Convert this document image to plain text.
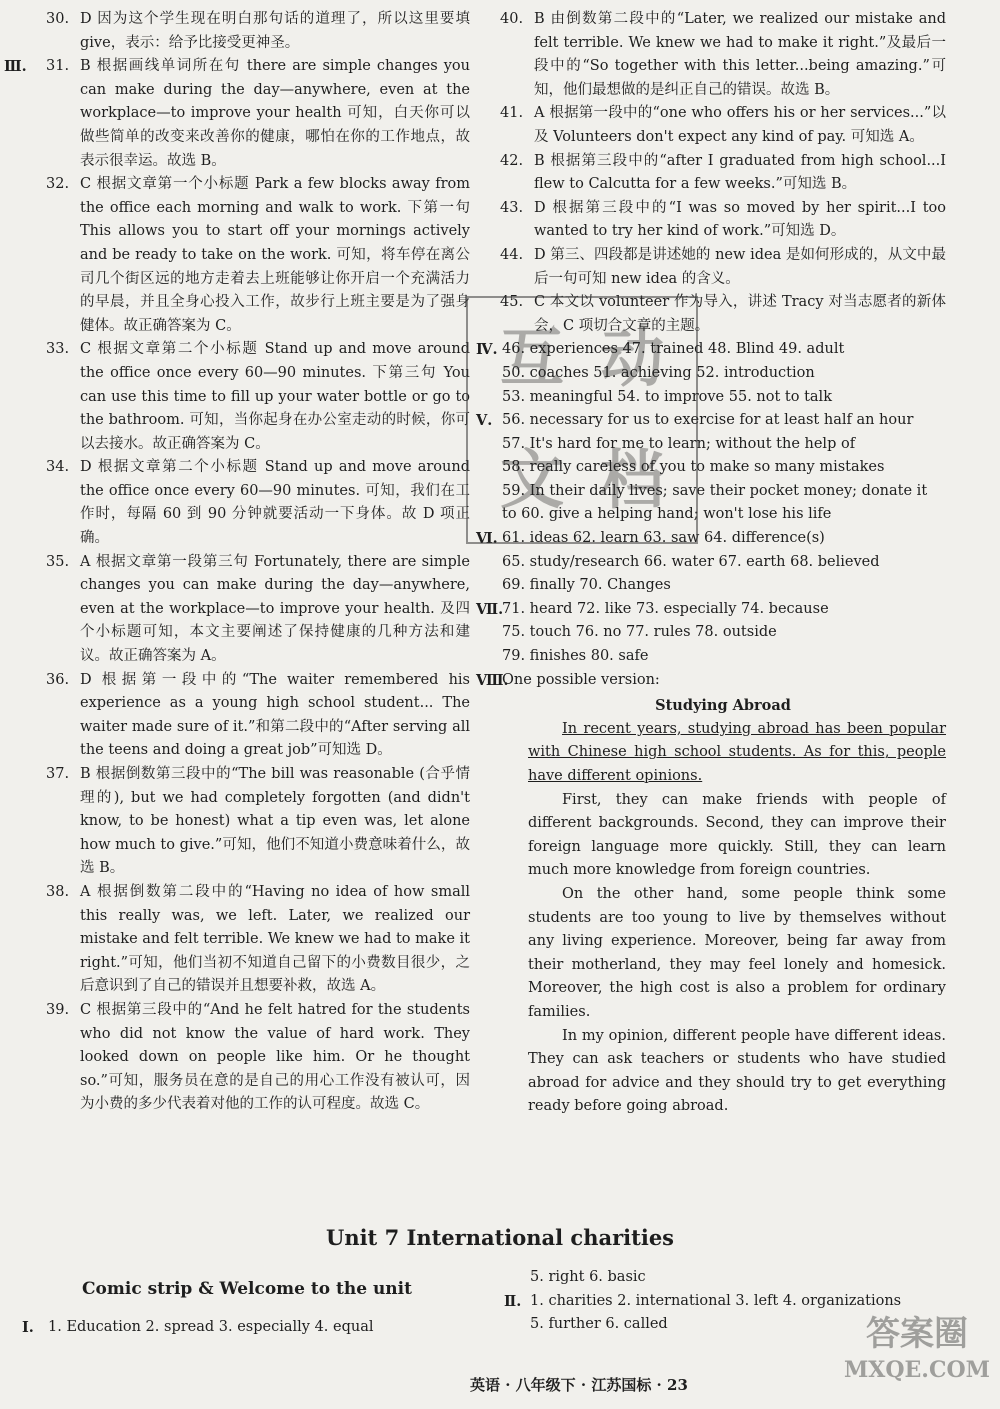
30. D 因为这个学生现在明白那句话的道理了，所以这里要填 give，表示：给予比接受更神圣。
Ⅲ. 31. B 根据画线单词所在句 there are simple changes you can make during the day—anywhere, even at the workplace—to improve your health 可知，白天你可以做些简单的改变来改善你的健康，哪怕在你的工作地点，故表示很幸运。故选 B。
32. C 根据文章第一个小标题 Park a few blocks away from the office each morning and walk to work. 下第一句 This allows you to start off your mornings actively and be ready to take on the work. 可知，将车停在离公司几个街区远的地方走着去上班能够让你开启一个充满活力的早晨，并且全身心投入工作，故步行上班主要是为了强身健体。故正确答案为 C。
33. C 根据文章第二个小标题 Stand up and move around the office once every 60—90 minutes. 下第三句 You can use this time to fill up your water bottle or go to the bathroom. 可知，当你起身在办公室走动的时候，你可以去接水。故正确答案为 C。
34. D 根据文章第二个小标题 Stand up and move around the office once every 60—90 minutes. 可知，我们在工作时，每隔 60 到 90 分钟就要活动一下身体。故 D 项正确。
35. A 根据文章第一段第三句 Fortunately, there are simple changes you can make during the day—anywhere, even at the workplace—to improve your health. 及四个小标题可知，本文主要阐述了保持健康的几种方法和建议。故正确答案为 A。
36. D 根据第一段中的“The waiter remembered his experience as a young high school student... The waiter made sure of it.”和第二段中的“After serving all the teens and doing a great job”可知选 D。
37. B 根据倒数第三段中的“The bill was reasonable (合乎情理的), but we had completely forgotten (and didn't know, to be honest) what a tip even was, let alone how much to give.”可知，他们不知道小费意味着什么，故选 B。
38. A 根据倒数第二段中的“Having no idea of how small this really was, we left. Later, we realized our mistake and felt terrible. We knew we had to make it right.”可知，他们当初不知道自己留下的小费数目很少，之后意识到了自己的错误并且想要补救，故选 A。
39. C 根据第三段中的“And he felt hatred for the students who did not know the value of hard work. They looked down on people like him. Or he thought so.”可知，服务员在意的是自己的用心工作没有被认可，因为小费的多少代表着对他的工作的认可程度。故选 C。
40. B 由倒数第二段中的“Later, we realized our mistake and felt terrible. We knew we had to make it right.”及最后一段中的“So together with this letter...being amazing.”可知，他们最想做的是纠正自己的错误。故选 B。
41. A 根据第一段中的“one who offers his or her services...”以及 Volunteers don't expect any kind of pay. 可知选 A。
42. B 根据第三段中的“after I graduated from high school...I flew to Calcutta for a few weeks.”可知选 B。
43. D 根据第三段中的“I was so moved by her spirit...I too wanted to try her kind of work.”可知选 D。
44. D 第三、四段都是讲述她的 new idea 是如何形成的，从文中最后一句可知 new idea 的含义。
45. C 本文以 volunteer 作为导入，讲述 Tracy 对当志愿者的新体会，C 项切合文章的主题。
Ⅳ. 46. experiences 47. trained 48. Blind 49. adult
50. coaches 51. achieving 52. introduction
53. meaningful 54. to improve 55. not to talk
Ⅴ. 56. necessary for us to exercise for at least half an hour
57. It's hard for me to learn; without the help of
58. really careless of you to make so many mistakes
59. In their daily lives; save their pocket money; donate it to 60. give a helping hand; won't lose his life
Ⅵ. 61. ideas 62. learn 63. saw 64. difference(s)
65. study/research 66. water 67. earth 68. believed
69. finally 70. Changes
Ⅶ.
71. heard 72. like 73. especially 74. because
75. touch 76. no 77. rules 78. outside
79. finishes 80. safe
Ⅷ.
One possible version:
Studying Abroad

In recent years, studying abroad has been popular with Chinese high school students. As for this, people have different opinions.

First, they can make friends with people of different backgrounds. Second, they can improve their foreign language more quickly. Still, they can learn much more knowledge from foreign countries.

On the other hand, some people think some students are too young to live by themselves without any living experience. Moreover, being far away from their motherland, they may feel lonely and homesick. Moreover, the high cost is also a problem for ordinary families.

In my opinion, different people have different ideas. They can ask teachers or students who have studied abroad for advice and they should try to get everything ready before going abroad.

互 动
文 档
Unit 7 International charities
Comic strip & Welcome to the unit
Ⅰ. 1. Education 2. spread 3. especially 4. equal
5. right 6. basic
Ⅱ. 1. charities 2. international 3. left 4. organizations
5. further 6. called
英语 · 八年级下 · 江苏国标 · 23
答案圈
MXQE.COM
